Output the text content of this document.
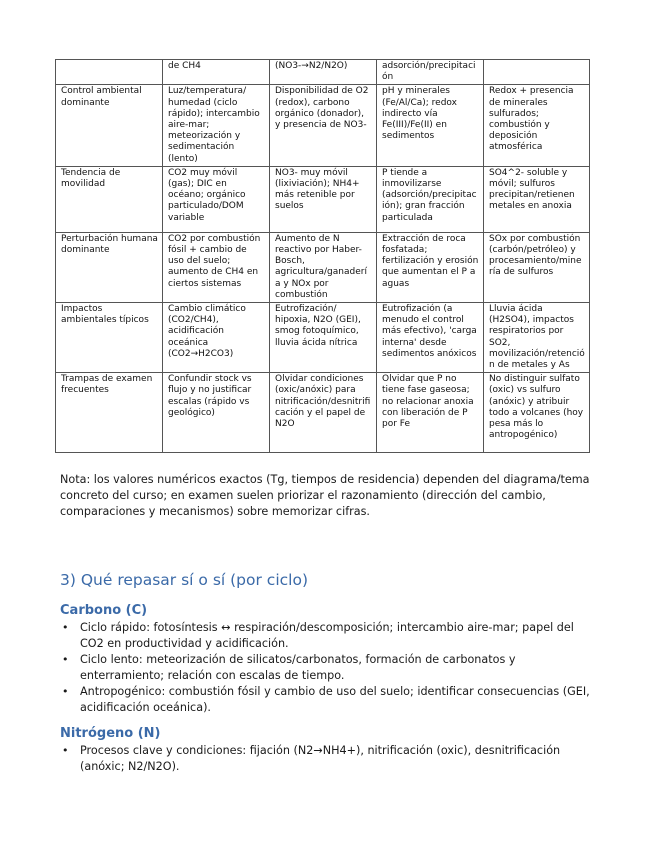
	de CH4	(NO3-→N2/N2O)	adsorción/precipitación	
Control ambiental dominante	Luz/temperatura/ humedad (ciclo rápido); intercambio aire-mar; meteorización y sedimentación (lento)	Disponibilidad de O2 (redox), carbono orgánico (donador), y presencia de NO3-	pH y minerales (Fe/Al/Ca); redox indirecto vía Fe(III)/Fe(II) en sedimentos	Redox + presencia de minerales sulfurados; combustión y deposición atmosférica
Tendencia de movilidad	CO2 muy móvil (gas); DIC en océano; orgánico particulado/DOM variable	NO3- muy móvil (lixiviación); NH4+ más retenible por suelos	P tiende a inmovilizarse (adsorción/precipitación); gran fracción particulada	SO4^2- soluble y móvil; sulfuros precipitan/retienen metales en anoxia
Perturbación humana dominante	CO2 por combustión fósil + cambio de uso del suelo; aumento de CH4 en ciertos sistemas	Aumento de N reactivo por Haber-Bosch, agricultura/ganadería y NOx por combustión	Extracción de roca fosfatada; fertilización y erosión que aumentan el P a aguas	SOx por combustión (carbón/petróleo) y procesamiento/minería de sulfuros
Impactos ambientales típicos	Cambio climático (CO2/CH4), acidificación oceánica (CO2→H2CO3)	Eutrofización/ hipoxia, N2O (GEI), smog fotoquímico, lluvia ácida nítrica	Eutrofización (a menudo el control más efectivo), 'carga interna' desde sedimentos anóxicos	Lluvia ácida (H2SO4), impactos respiratorios por SO2, movilización/retención de metales y As
Trampas de examen frecuentes	Confundir stock vs flujo y no justificar escalas (rápido vs geológico)	Olvidar condiciones (oxic/anóxic) para nitrificación/desnitrificación y el papel de N2O	Olvidar que P no tiene fase gaseosa; no relacionar anoxia con liberación de P por Fe	No distinguir sulfato (oxic) vs sulfuro (anóxic) y atribuir todo a volcanes (hoy pesa más lo antropogénico)

Nota: los valores numéricos exactos (Tg, tiempos de residencia) dependen del diagrama/tema concreto del curso; en examen suelen priorizar el razonamiento (dirección del cambio, comparaciones y mecanismos) sobre memorizar cifras.

3) Qué repasar sí o sí (por ciclo)
Carbono (C)
• Ciclo rápido: fotosíntesis ↔ respiración/descomposición; intercambio aire-mar; papel del CO2 en productividad y acidificación.
• Ciclo lento: meteorización de silicatos/carbonatos, formación de carbonatos y enterramiento; relación con escalas de tiempo.
• Antropogénico: combustión fósil y cambio de uso del suelo; identificar consecuencias (GEI, acidificación oceánica).
Nitrógeno (N)
• Procesos clave y condiciones: fijación (N2→NH4+), nitrificación (oxic), desnitrificación (anóxic; N2/N2O).
